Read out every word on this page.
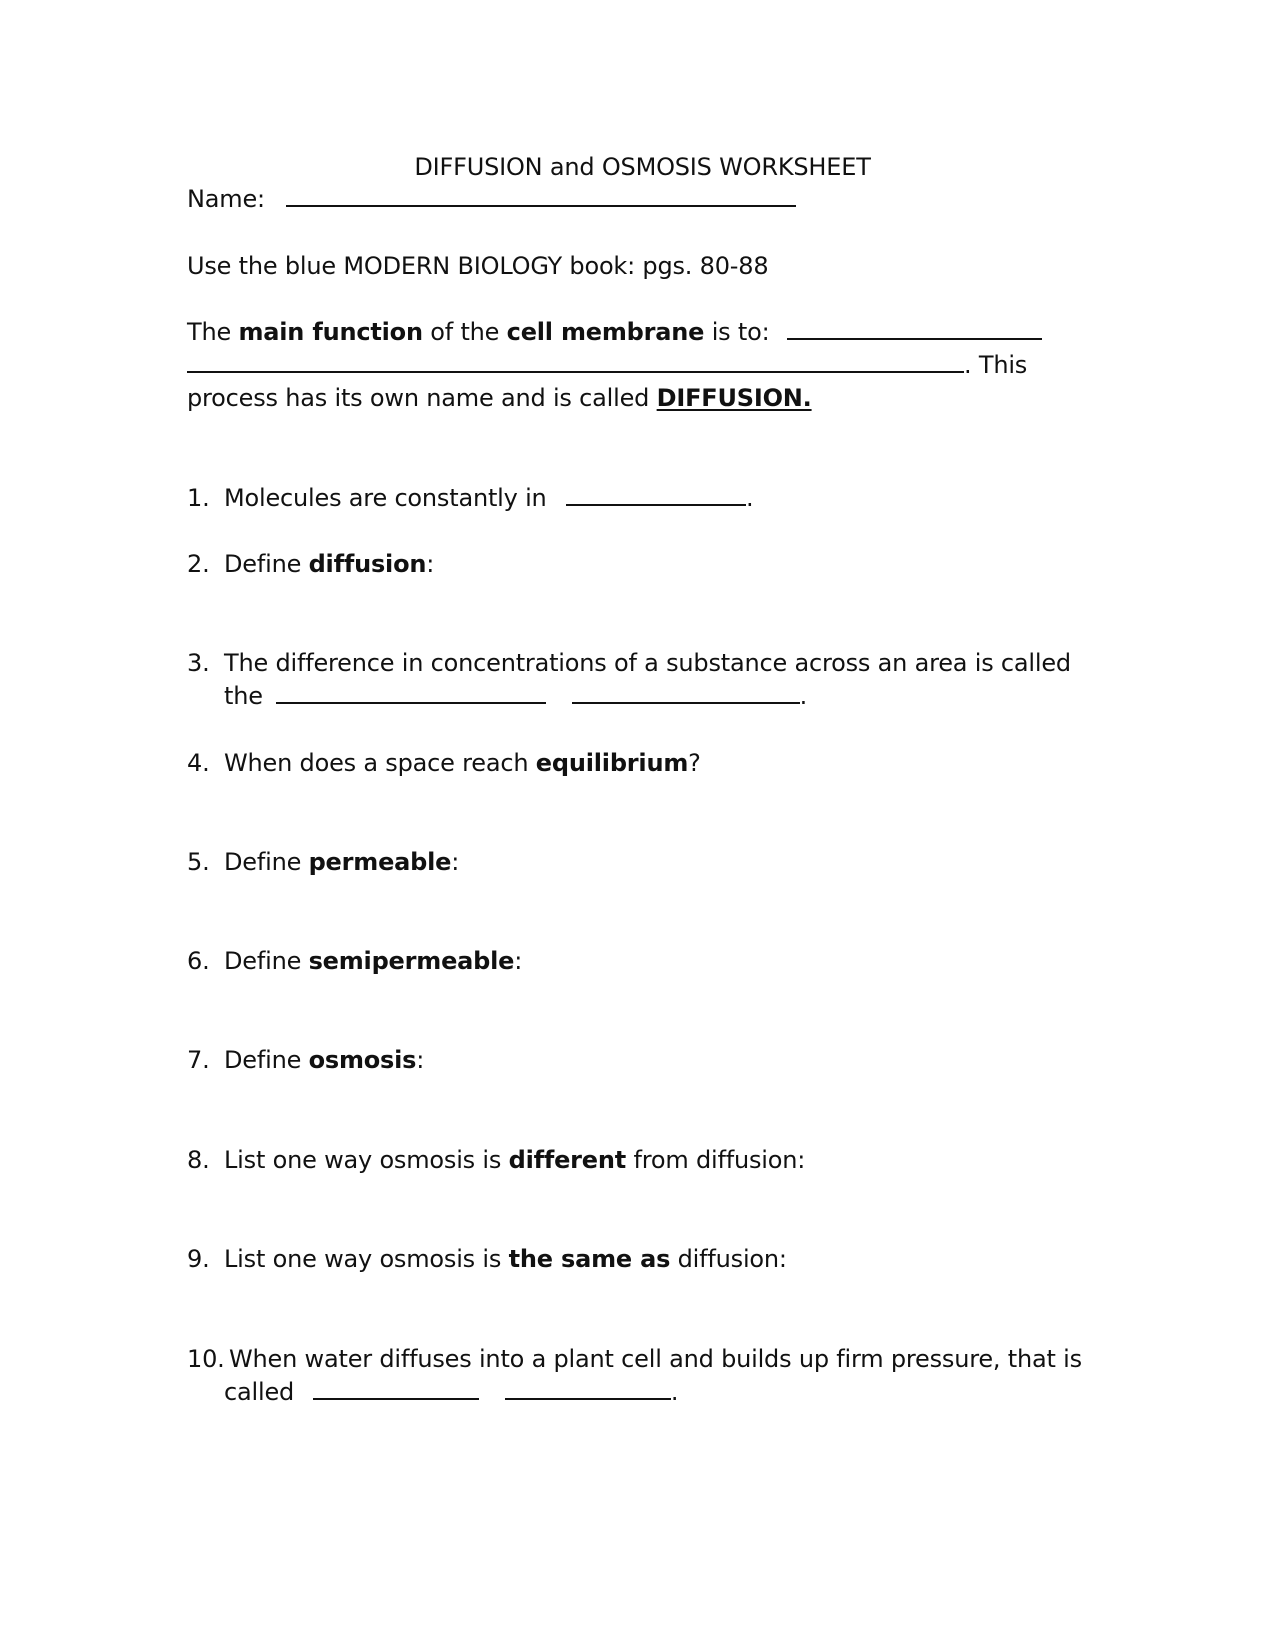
DIFFUSION and OSMOSIS WORKSHEET
Name:
Use the blue MODERN BIOLOGY book: pgs. 80-88
The main function of the cell membrane is to:
. This
process has its own name and is called DIFFUSION.
1. Molecules are constantly in	.
2. Define diffusion:
3. The difference in concentrations of a substance across an area is called
the	.
4. When does a space reach equilibrium?
5. Define permeable:
6. Define semipermeable:
7. Define osmosis:
8. List one way osmosis is different from diffusion:
9. List one way osmosis is the same as diffusion:
10. When water diffuses into a plant cell and builds up firm pressure, that is
called	.
